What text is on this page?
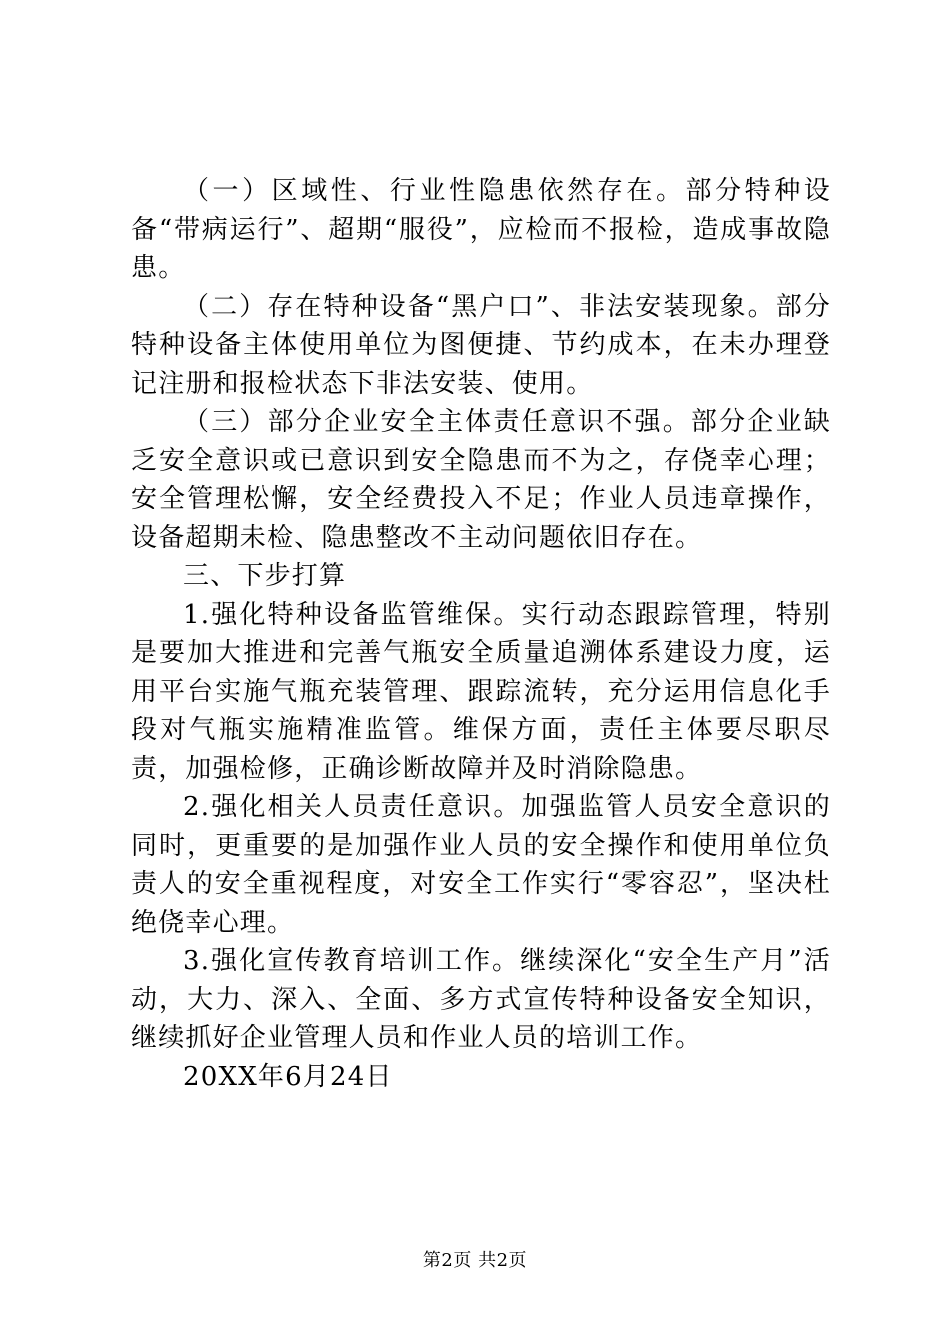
（一）区域性、行业性隐患依然存在。部分特种设备“带病运行”、超期“服役”，应检而不报检，造成事故隐患。

（二）存在特种设备“黑户口”、非法安装现象。部分特种设备主体使用单位为图便捷、节约成本，在未办理登记注册和报检状态下非法安装、使用。

（三）部分企业安全主体责任意识不强。部分企业缺乏安全意识或已意识到安全隐患而不为之，存侥幸心理；安全管理松懈，安全经费投入不足；作业人员违章操作，设备超期未检、隐患整改不主动问题依旧存在。

三、下步打算

1.强化特种设备监管维保。实行动态跟踪管理，特别是要加大推进和完善气瓶安全质量追溯体系建设力度，运用平台实施气瓶充装管理、跟踪流转，充分运用信息化手段对气瓶实施精准监管。维保方面，责任主体要尽职尽责，加强检修，正确诊断故障并及时消除隐患。

2.强化相关人员责任意识。加强监管人员安全意识的同时，更重要的是加强作业人员的安全操作和使用单位负责人的安全重视程度，对安全工作实行“零容忍”，坚决杜绝侥幸心理。

3.强化宣传教育培训工作。继续深化“安全生产月”活动，大力、深入、全面、多方式宣传特种设备安全知识，继续抓好企业管理人员和作业人员的培训工作。

20XX年6月24日

第2页 共2页
